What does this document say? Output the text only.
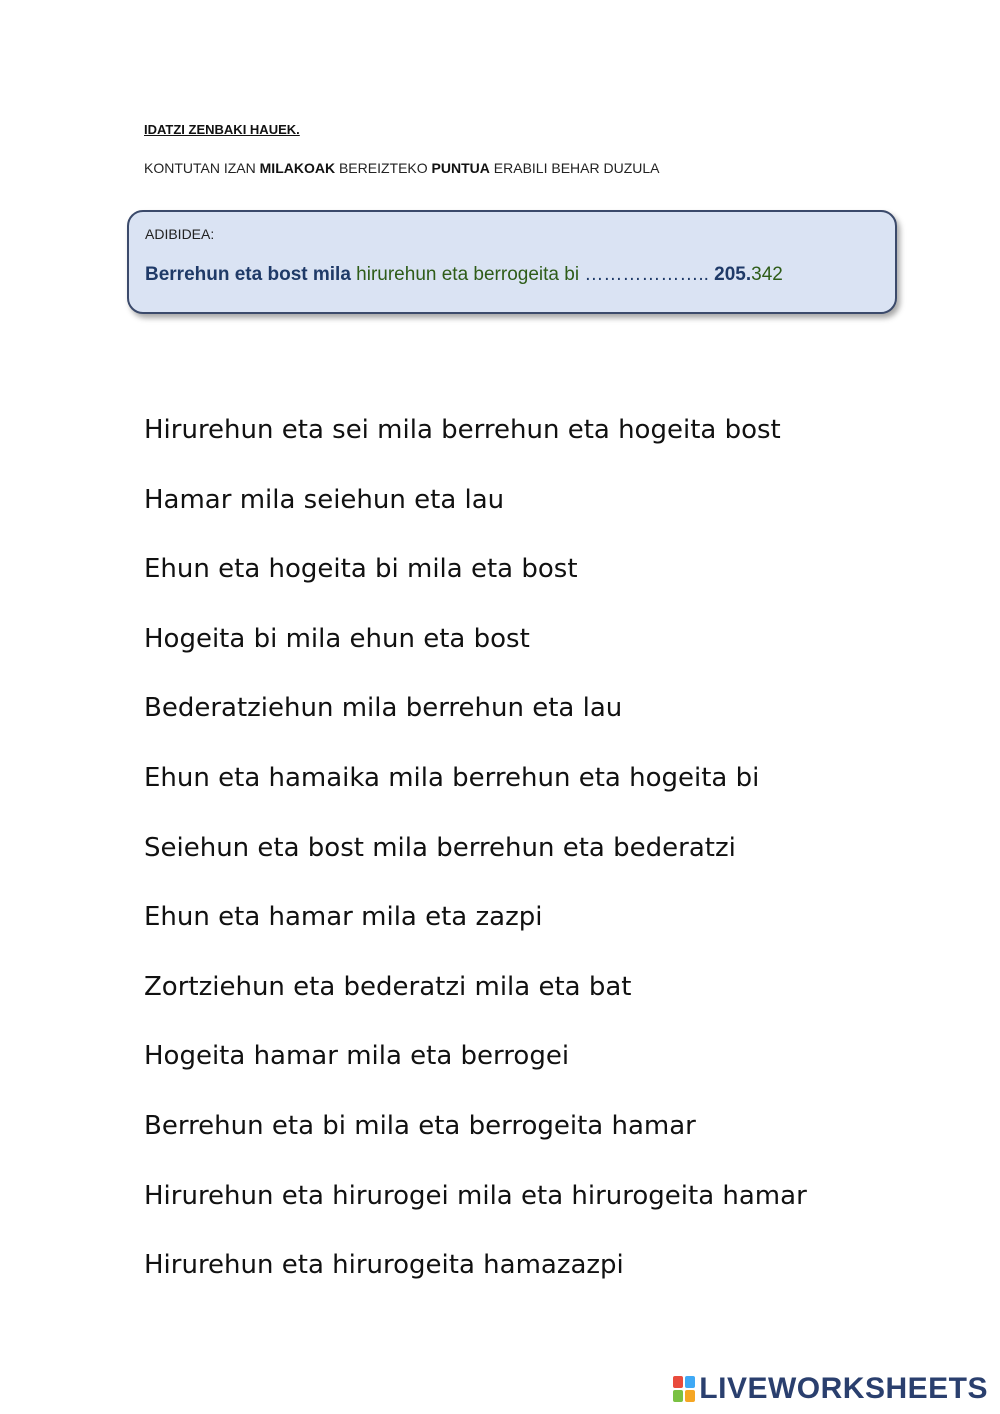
IDATZI ZENBAKI HAUEK.
KONTUTAN IZAN MILAKOAK BEREIZTEKO PUNTUA ERABILI BEHAR DUZULA
ADIBIDEA:
Berrehun eta bost mila hirurehun eta berrogeita bi ……………….. 205.342
Hirurehun eta sei mila berrehun eta hogeita bost
Hamar mila seiehun eta lau
Ehun eta hogeita bi mila eta bost
Hogeita bi mila ehun eta bost
Bederatziehun mila berrehun eta lau
Ehun eta hamaika mila berrehun eta hogeita bi
Seiehun eta bost mila berrehun eta bederatzi
Ehun eta hamar mila eta zazpi
Zortziehun eta bederatzi mila eta bat
Hogeita hamar mila eta berrogei
Berrehun eta bi mila eta berrogeita hamar
Hirurehun eta hirurogei mila eta hirurogeita hamar
Hirurehun eta hirurogeita hamazazpi
LIVEWORKSHEETS
